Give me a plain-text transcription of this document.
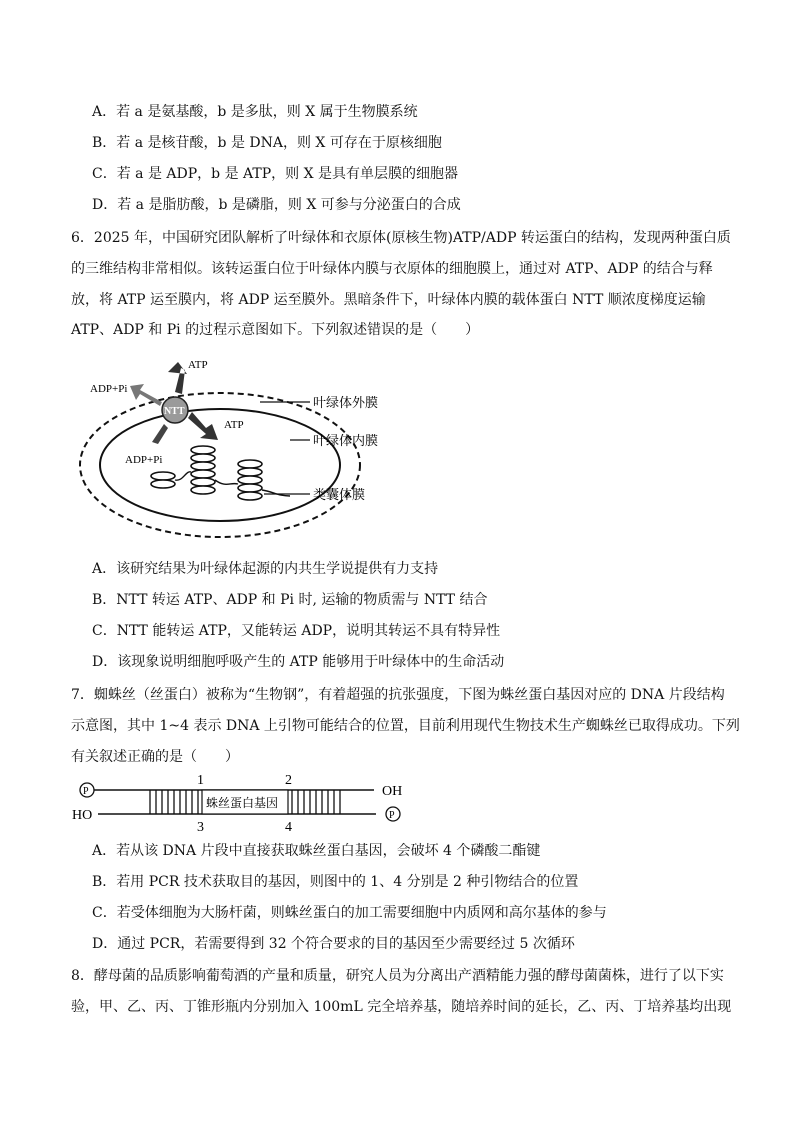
A．若 a 是氨基酸，b 是多肽，则 X 属于生物膜系统
B．若 a 是核苷酸，b 是 DNA，则 X 可存在于原核细胞
C．若 a 是 ADP，b 是 ATP，则 X 是具有单层膜的细胞器
D．若 a 是脂肪酸，b 是磷脂，则 X 可参与分泌蛋白的合成
6．2025 年，中国研究团队解析了叶绿体和衣原体(原核生物)ATP/ADP 转运蛋白的结构，发现两种蛋白质
的三维结构非常相似。该转运蛋白位于叶绿体内膜与衣原体的细胞膜上，通过对 ATP、ADP 的结合与释
放，将 ATP 运至膜内，将 ADP 运至膜外。黑暗条件下，叶绿体内膜的载体蛋白 NTT 顺浓度梯度运输
ATP、ADP 和 Pi 的过程示意图如下。下列叙述错误的是（　　）
ATP
ADP+Pi
NTT
ATP
ADP+Pi
叶绿体外膜
叶绿体内膜
类囊体膜
A．该研究结果为叶绿体起源的内共生学说提供有力支持
B．NTT 转运 ATP、ADP 和 Pi 时, 运输的物质需与 NTT 结合
C．NTT 能转运 ATP，又能转运 ADP，说明其转运不具有特异性
D．该现象说明细胞呼吸产生的 ATP 能够用于叶绿体中的生命活动
7．蜘蛛丝（丝蛋白）被称为“生物钢”，有着超强的抗张强度，下图为蛛丝蛋白基因对应的 DNA 片段结构
示意图，其中 1~4 表示 DNA 上引物可能结合的位置，目前利用现代生物技术生产蜘蛛丝已取得成功。下列
有关叙述正确的是（　　）
P
P
OH
HO
蛛丝蛋白基因
1	2
3	4
A．若从该 DNA 片段中直接获取蛛丝蛋白基因，会破坏 4 个磷酸二酯键
B．若用 PCR 技术获取目的基因，则图中的 1、4 分别是 2 种引物结合的位置
C．若受体细胞为大肠杆菌，则蛛丝蛋白的加工需要细胞中内质网和高尔基体的参与
D．通过 PCR，若需要得到 32 个符合要求的目的基因至少需要经过 5 次循环
8．酵母菌的品质影响葡萄酒的产量和质量，研究人员为分离出产酒精能力强的酵母菌菌株，进行了以下实
验，甲、乙、丙、丁锥形瓶内分别加入 100mL 完全培养基，随培养时间的延长，乙、丙、丁培养基均出现
